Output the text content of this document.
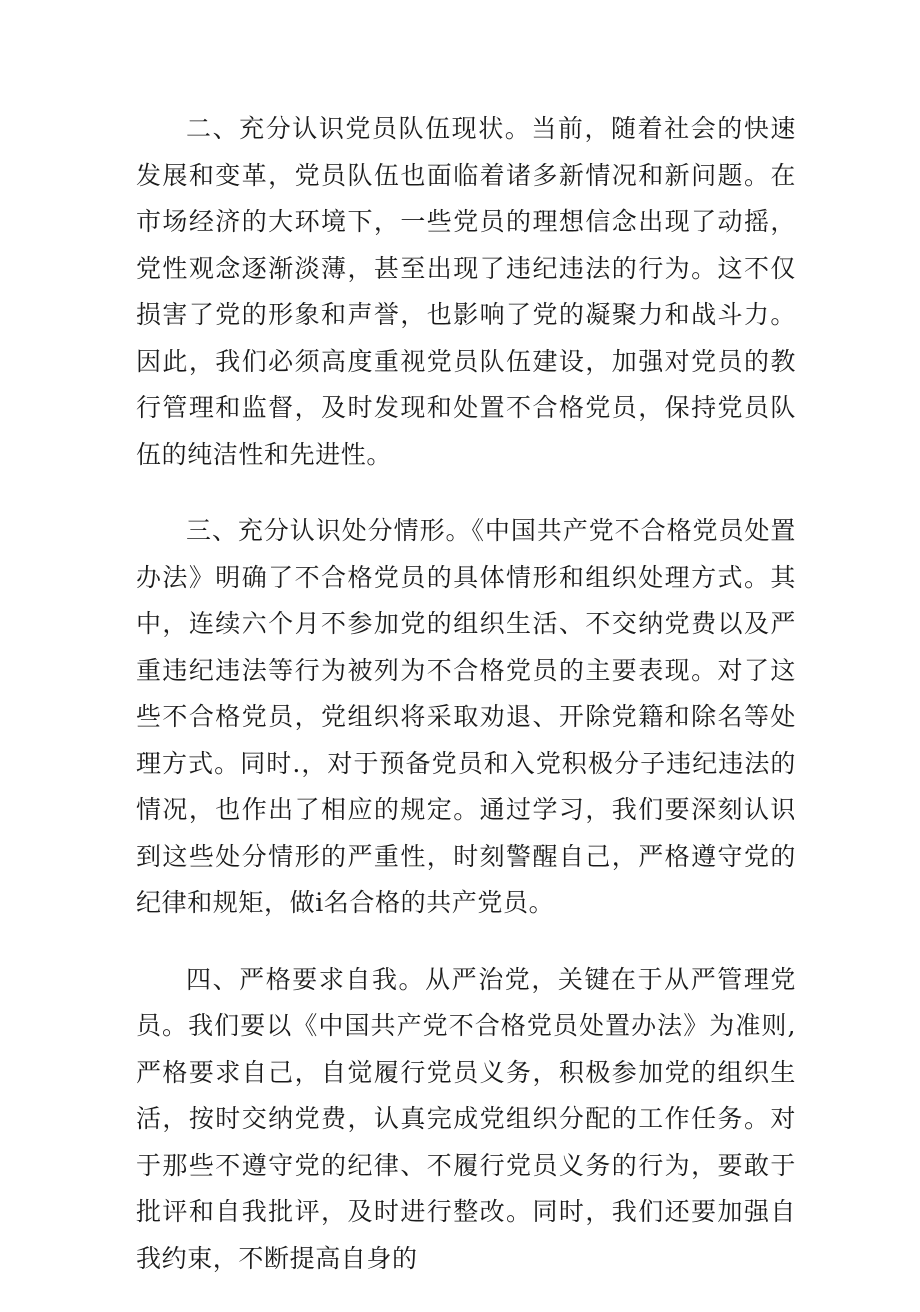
二、充分认识党员队伍现状。当前，随着社会的快速发展和变革，党员队伍也面临着诸多新情况和新问题。在市场经济的大环境下，一些党员的理想信念出现了动摇，党性观念逐渐淡薄，甚至出现了违纪违法的行为。这不仅损害了党的形象和声誉，也影响了党的凝聚力和战斗力。因此，我们必须高度重视党员队伍建设，加强对党员的教行管理和监督，及时发现和处置不合格党员，保持党员队伍的纯洁性和先进性。

三、充分认识处分情形。《中国共产党不合格党员处置办法》明确了不合格党员的具体情形和组织处理方式。其中，连续六个月不参加党的组织生活、不交纳党费以及严重违纪违法等行为被列为不合格党员的主要表现。对了这些不合格党员，党组织将采取劝退、开除党籍和除名等处理方式。同时.，对于预备党员和入党积极分子违纪违法的情况，也作出了相应的规定。通过学习，我们要深刻认识到这些处分情形的严重性，时刻警醒自己，严格遵守党的纪律和规矩，做i名合格的共产党员。

四、严格要求自我。从严治党，关键在于从严管理党员。我们要以《中国共产党不合格党员处置办法》为准则,严格要求自己，自觉履行党员义务，积极参加党的组织生活，按时交纳党费，认真完成党组织分配的工作任务。对于那些不遵守党的纪律、不履行党员义务的行为，要敢于批评和自我批评，及时进行整改。同时，我们还要加强自我约束，不断提高自身的
